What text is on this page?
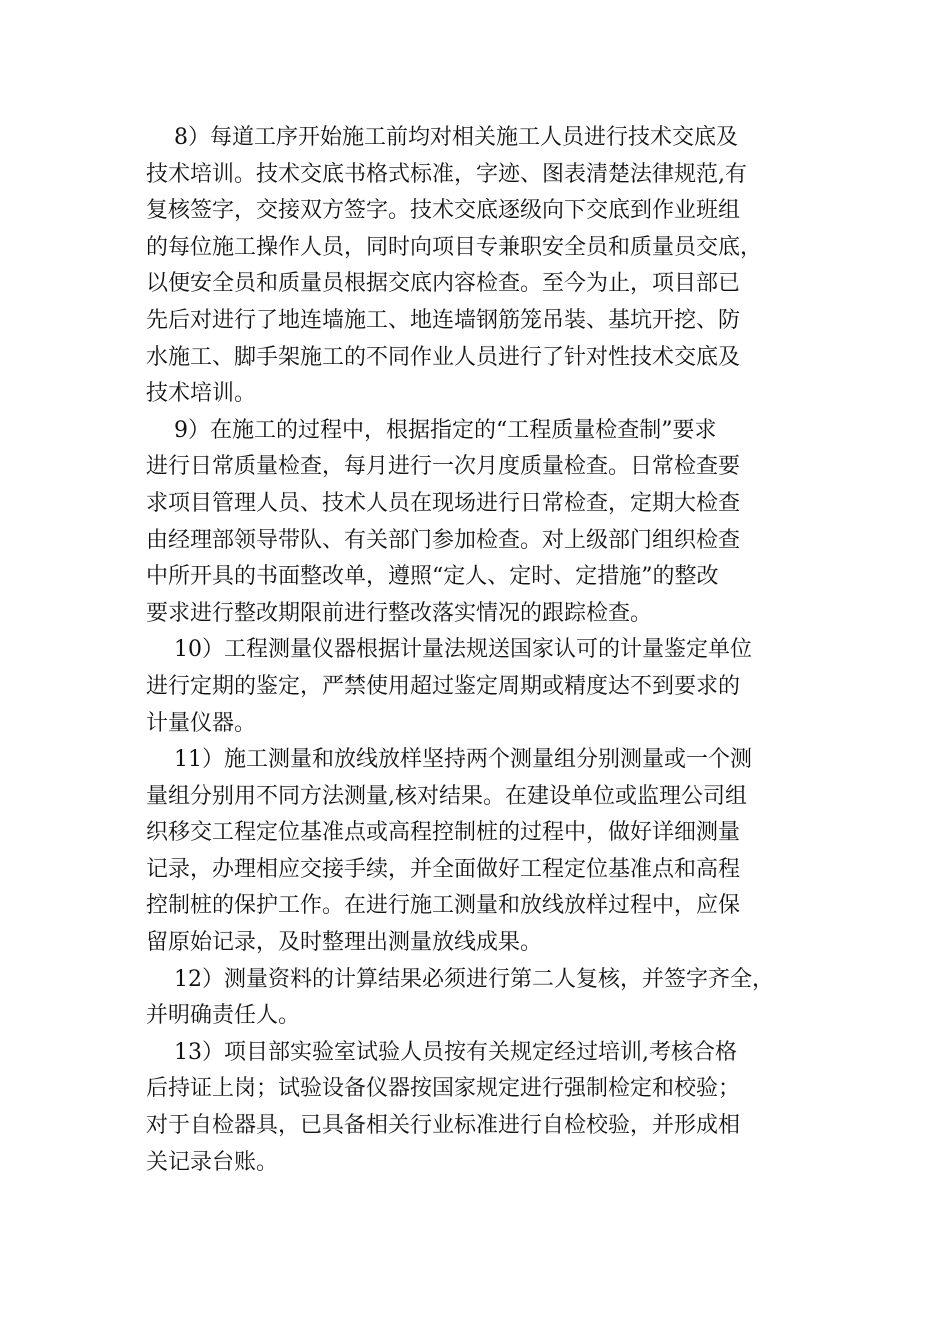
8）每道工序开始施工前均对相关施工人员进行技术交底及
技术培训。技术交底书格式标准，字迹、图表清楚法律规范,有
复核签字，交接双方签字。技术交底逐级向下交底到作业班组
的每位施工操作人员，同时向项目专兼职安全员和质量员交底，
以便安全员和质量员根据交底内容检查。至今为止，项目部已
先后对进行了地连墙施工、地连墙钢筋笼吊装、基坑开挖、防
水施工、脚手架施工的不同作业人员进行了针对性技术交底及
技术培训。
9）在施工的过程中，根据指定的“工程质量检查制”要求
进行日常质量检查，每月进行一次月度质量检查。日常检查要
求项目管理人员、技术人员在现场进行日常检查，定期大检查
由经理部领导带队、有关部门参加检查。对上级部门组织检查
中所开具的书面整改单，遵照“定人、定时、定措施”的整改
要求进行整改期限前进行整改落实情况的跟踪检查。
10）工程测量仪器根据计量法规送国家认可的计量鉴定单位
进行定期的鉴定，严禁使用超过鉴定周期或精度达不到要求的
计量仪器。
11）施工测量和放线放样坚持两个测量组分别测量或一个测
量组分别用不同方法测量,核对结果。在建设单位或监理公司组
织移交工程定位基准点或高程控制桩的过程中，做好详细测量
记录，办理相应交接手续，并全面做好工程定位基准点和高程
控制桩的保护工作。在进行施工测量和放线放样过程中，应保
留原始记录，及时整理出测量放线成果。
12）测量资料的计算结果必须进行第二人复核，并签字齐全，
并明确责任人。
13）项目部实验室试验人员按有关规定经过培训,考核合格
后持证上岗；试验设备仪器按国家规定进行强制检定和校验；
对于自检器具，已具备相关行业标准进行自检校验，并形成相
关记录台账。
